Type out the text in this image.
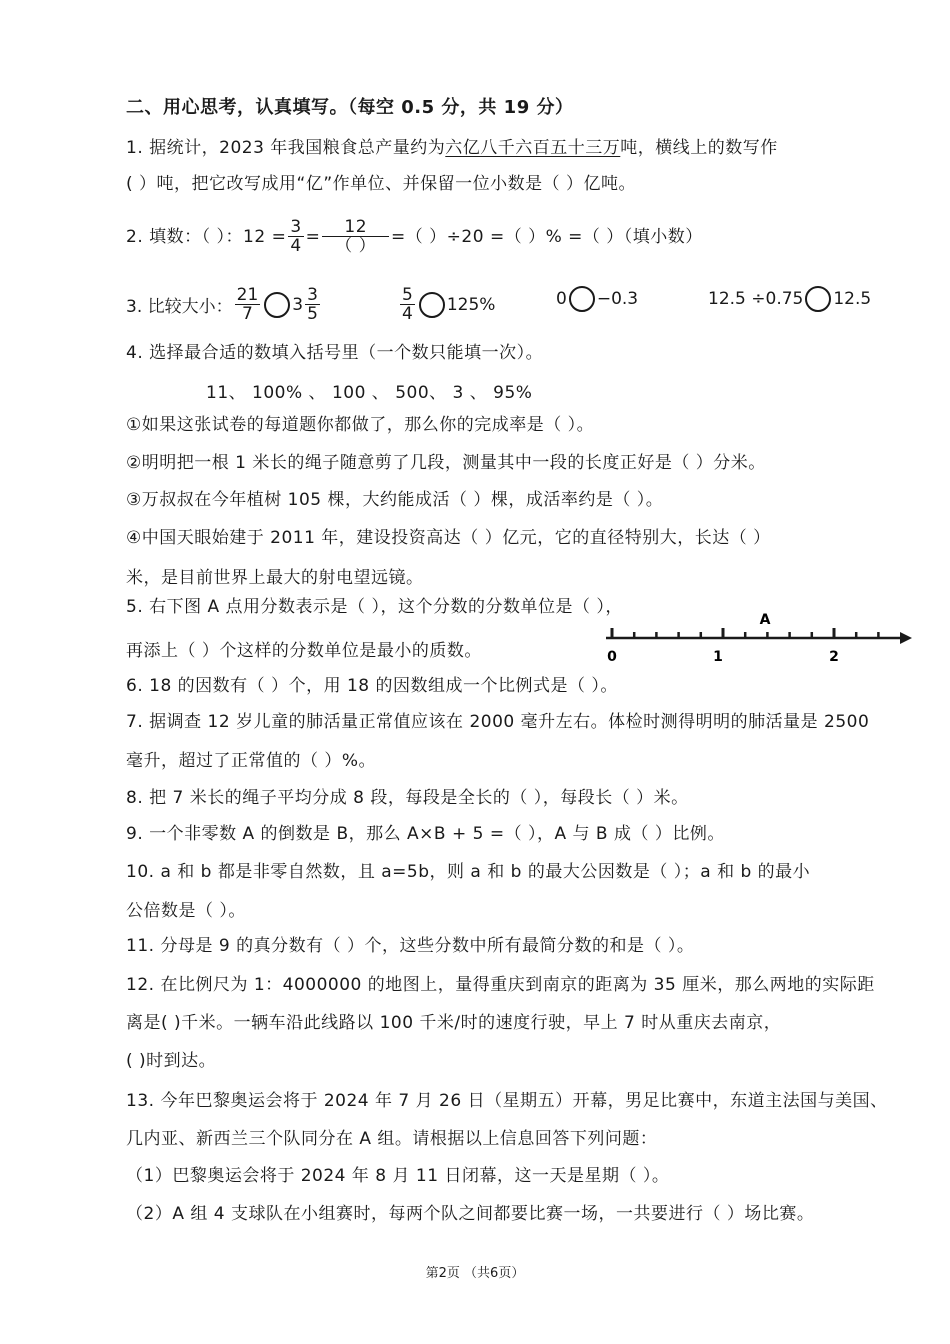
二、用心思考，认真填写。（每空 0.5 分，共 19 分）
1. 据统计，2023 年我国粮食总产量约为六亿八千六百五十三万吨，横线上的数写作
( ）吨，把它改写成用“亿”作单位、并保留一位小数是（ ）亿吨。
2. 填数：（ ）：$12 = \frac{3}{4} = \frac{12}{( )}$ =（ ）÷20 =（ ）% =（ ）（填小数）
3. 比较大小： $\frac{21}{7} 3 \frac{3}{5}$	$\frac{5}{4} 125\%$	0 −0.3	12.5 ÷0.75 12.5
4. 选择最合适的数填入括号里（一个数只能填一次）。
11、 100% 、 100 、 500、 3 、 95%
①如果这张试卷的每道题你都做了，那么你的完成率是（ ）。
②明明把一根 1 米长的绳子随意剪了几段，测量其中一段的长度正好是（ ）分米。
③万叔叔在今年植树 105 棵，大约能成活（ ）棵，成活率约是（ ）。
④中国天眼始建于 2011 年，建设投资高达（ ）亿元，它的直径特别大，长达（ ）
米，是目前世界上最大的射电望远镜。
5. 右下图 A 点用分数表示是（ ），这个分数的分数单位是（ ），
再添上（ ）个这样的分数单位是最小的质数。	0	1	2
A
6. 18 的因数有（ ）个，用 18 的因数组成一个比例式是（ ）。
7. 据调查 12 岁儿童的肺活量正常值应该在 2000 毫升左右。体检时测得明明的肺活量是 2500
毫升，超过了正常值的（ ）%。
8. 把 7 米长的绳子平均分成 8 段，每段是全长的（ ），每段长（ ）米。
9. 一个非零数 A 的倒数是 B，那么 A×B + 5 =（ ），A 与 B 成（ ）比例。
10. a 和 b 都是非零自然数，且 a=5b，则 a 和 b 的最大公因数是（ ）；a 和 b 的最小
公倍数是（ ）。
11. 分母是 9 的真分数有（ ）个，这些分数中所有最简分数的和是（ ）。
12. 在比例尺为 1：4000000 的地图上，量得重庆到南京的距离为 35 厘米，那么两地的实际距
离是( )千米。一辆车沿此线路以 100 千米/时的速度行驶，早上 7 时从重庆去南京，
( )时到达。
13. 今年巴黎奥运会将于 2024 年 7 月 26 日（星期五）开幕，男足比赛中，东道主法国与美国、
几内亚、新西兰三个队同分在 A 组。请根据以上信息回答下列问题：
（1）巴黎奥运会将于 2024 年 8 月 11 日闭幕，这一天是星期（ ）。
（2）A 组 4 支球队在小组赛时，每两个队之间都要比赛一场，一共要进行（ ）场比赛。
第2页 （共6页）
